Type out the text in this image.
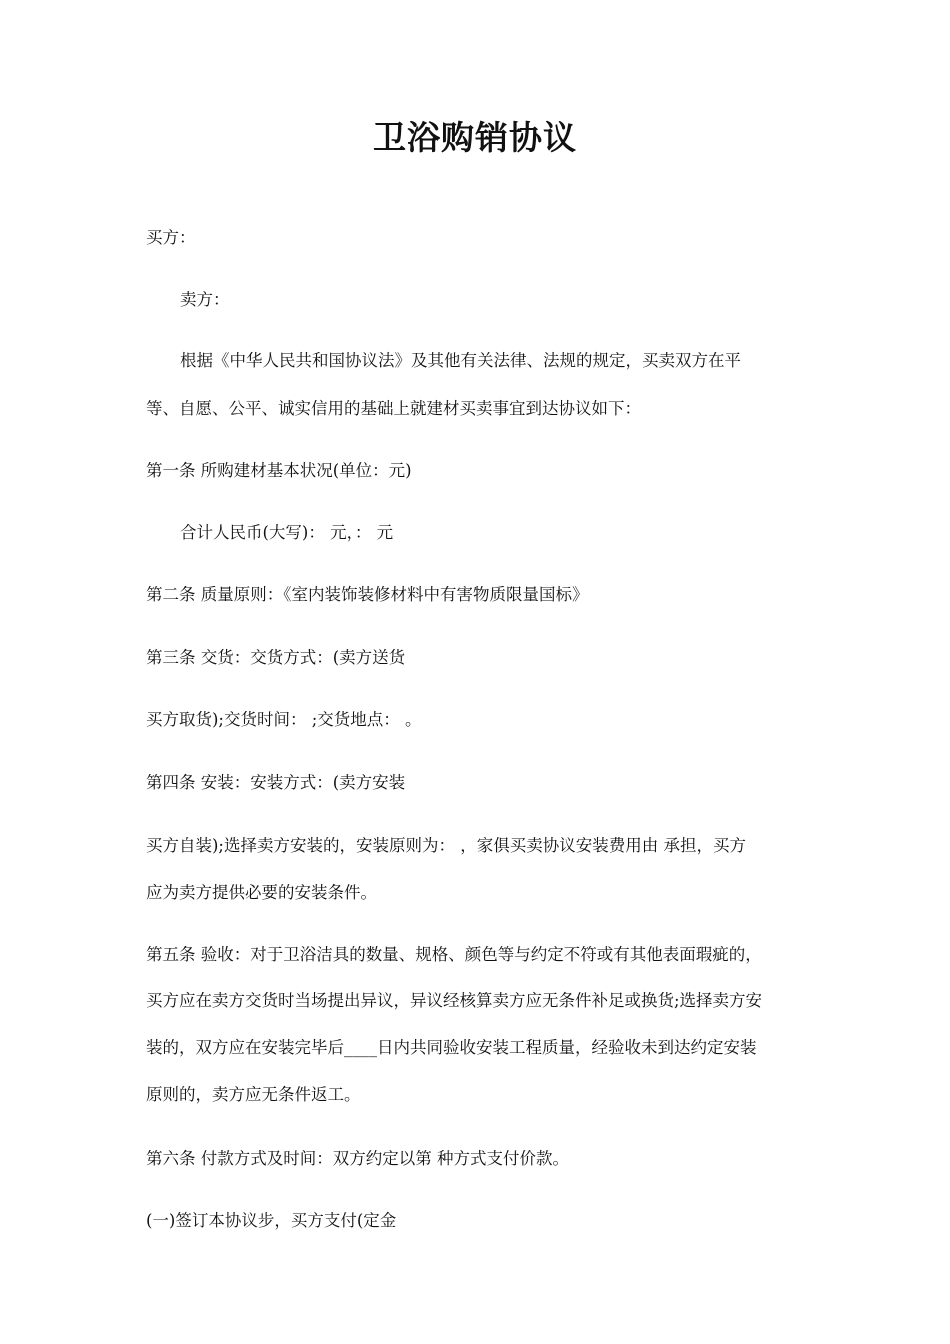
卫浴购销协议
买方：
卖方：
根据《中华人民共和国协议法》及其他有关法律、法规的规定，买卖双方在平
等、自愿、公平、诚实信用的基础上就建材买卖事宜到达协议如下：
第一条 所购建材基本状况(单位：元)
合计人民币(大写)： 元，： 元
第二条 质量原则：《室内装饰装修材料中有害物质限量国标》
第三条 交货：交货方式：(卖方送货
买方取货);交货时间： ;交货地点： 。
第四条 安装：安装方式：(卖方安装
买方自装);选择卖方安装的，安装原则为： ，家俱买卖协议安装费用由 承担，买方
应为卖方提供必要的安装条件。
第五条 验收：对于卫浴洁具的数量、规格、颜色等与约定不符或有其他表面瑕疵的，
买方应在卖方交货时当场提出异议，异议经核算卖方应无条件补足或换货;选择卖方安
装的，双方应在安装完毕后____日内共同验收安装工程质量，经验收未到达约定安装
原则的，卖方应无条件返工。
第六条 付款方式及时间：双方约定以第 种方式支付价款。
(一)签订本协议步，买方支付(定金
